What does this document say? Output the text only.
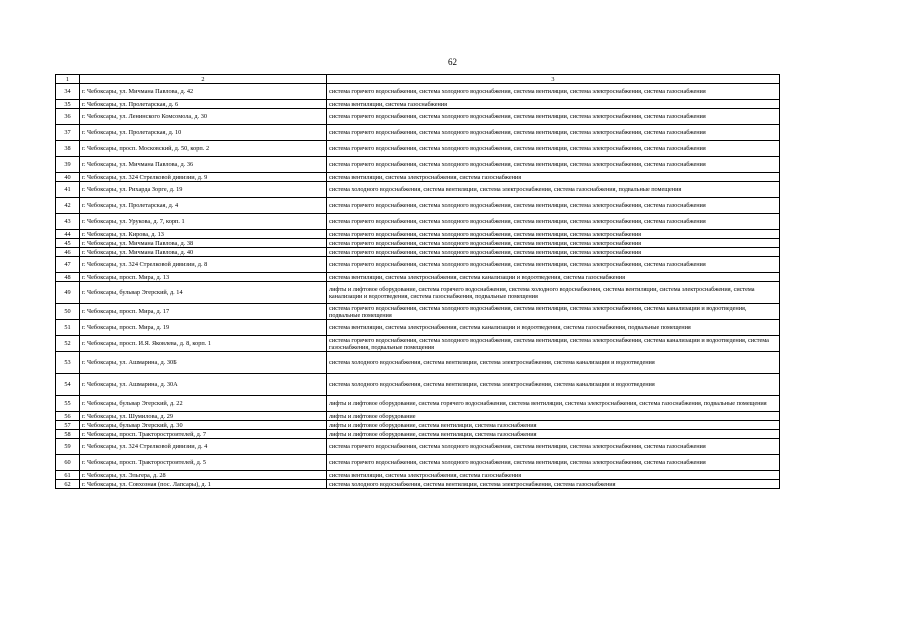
62
1	2	3
34	г. Чебоксары, ул. Мичмана Павлова, д. 42	система горячего водоснабжения, система холодного водоснабжения, система вентиляции, система электроснабжения, система газоснабжения
35	г. Чебоксары, ул. Пролетарская, д. 6	система вентиляции, система газоснабжения
36	г. Чебоксары, ул. Ленинского Комсомола, д. 30	система горячего водоснабжения, система холодного водоснабжения, система вентиляции, система электроснабжения, система газоснабжения
37	г. Чебоксары, ул. Пролетарская, д. 10	система горячего водоснабжения, система холодного водоснабжения, система вентиляции, система электроснабжения, система газоснабжения
38	г. Чебоксары, просп. Московский, д. 50, корп. 2	система горячего водоснабжения, система холодного водоснабжения, система вентиляции, система электроснабжения, система газоснабжения
39	г. Чебоксары, ул. Мичмана Павлова, д. 36	система горячего водоснабжения, система холодного водоснабжения, система вентиляции, система электроснабжения, система газоснабжения
40	г. Чебоксары, ул. 324 Стрелковой дивизии, д. 9	система вентиляции, система электроснабжения, система газоснабжения
41	г. Чебоксары, ул. Рихарда Зорге, д. 19	система холодного водоснабжения, система вентиляции, система электроснабжения, система газоснабжения, подвальные помещения
42	г. Чебоксары, ул. Пролетарская, д. 4	система горячего водоснабжения, система холодного водоснабжения, система вентиляции, система электроснабжения, система газоснабжения
43	г. Чебоксары, ул. Урукова, д. 7, корп. 1	система горячего водоснабжения, система холодного водоснабжения, система вентиляции, система электроснабжения, система газоснабжения
44	г. Чебоксары, ул. Кирова, д. 13	система горячего водоснабжения, система холодного водоснабжения, система вентиляции, система электроснабжения
45	г. Чебоксары, ул. Мичмана Павлова, д. 38	система горячего водоснабжения, система холодного водоснабжения, система вентиляции, система электроснабжения
46	г. Чебоксары, ул. Мичмана Павлова, д. 40	система горячего водоснабжения, система холодного водоснабжения, система вентиляции, система электроснабжения
47	г. Чебоксары, ул. 324 Стрелковой дивизии, д. 8	система горячего водоснабжения, система холодного водоснабжения, система вентиляции, система электроснабжения, система газоснабжения
48	г. Чебоксары, просп. Мира, д. 13	система вентиляции, система электроснабжения, система канализации и водоотведения, система газоснабжения
49	г. Чебоксары, бульвар Эгерский, д. 14	лифты и лифтовое оборудование, система горячего водоснабжения, система холодного водоснабжения, система вентиляции, система электроснабжения, система канализации и водоотведения, система газоснабжения, подвальные помещения
50	г. Чебоксары, просп. Мира, д. 17	система горячего водоснабжения, система холодного водоснабжения, система вентиляции, система электроснабжения, система канализации и водоотведения, подвальные помещения
51	г. Чебоксары, просп. Мира, д. 19	система вентиляции, система электроснабжения, система канализации и водоотведения, система газоснабжения, подвальные помещения
52	г. Чебоксары, просп. И.Я. Яковлева, д. 8, корп. 1	система горячего водоснабжения, система холодного водоснабжения, система вентиляции, система электроснабжения, система канализации и водоотведения, система газоснабжения, подвальные помещения
53	г. Чебоксары, ул. Ашмарина, д. 30Б	система холодного водоснабжения, система вентиляции, система электроснабжения, система канализации и водоотведения
54	г. Чебоксары, ул. Ашмарина, д. 30А	система холодного водоснабжения, система вентиляции, система электроснабжения, система канализации и водоотведения
55	г. Чебоксары, бульвар Эгерский, д. 22	лифты и лифтовое оборудование, система горячего водоснабжения, система вентиляции, система электроснабжения, система газоснабжения, подвальные помещения
56	г. Чебоксары, ул. Шумилова, д. 29	лифты и лифтовое оборудование
57	г. Чебоксары, бульвар Эгерский, д. 30	лифты и лифтовое оборудование, система вентиляции, система газоснабжения
58	г. Чебоксары, просп. Тракторостроителей, д. 7	лифты и лифтовое оборудование, система вентиляции, система газоснабжения
59	г. Чебоксары, ул. 324 Стрелковой дивизии, д. 4	система горячего водоснабжения, система холодного водоснабжения, система вентиляции, система электроснабжения, система газоснабжения
60	г. Чебоксары, просп. Тракторостроителей, д. 5	система горячего водоснабжения, система холодного водоснабжения, система вентиляции, система электроснабжения, система газоснабжения
61	г. Чебоксары, ул. Эльгера, д. 28	система вентиляции, система электроснабжения, система газоснабжения
62	г. Чебоксары, ул. Совхозная (пос. Лапсары), д. 1	система холодного водоснабжения, система вентиляции, система электроснабжения, система газоснабжения
